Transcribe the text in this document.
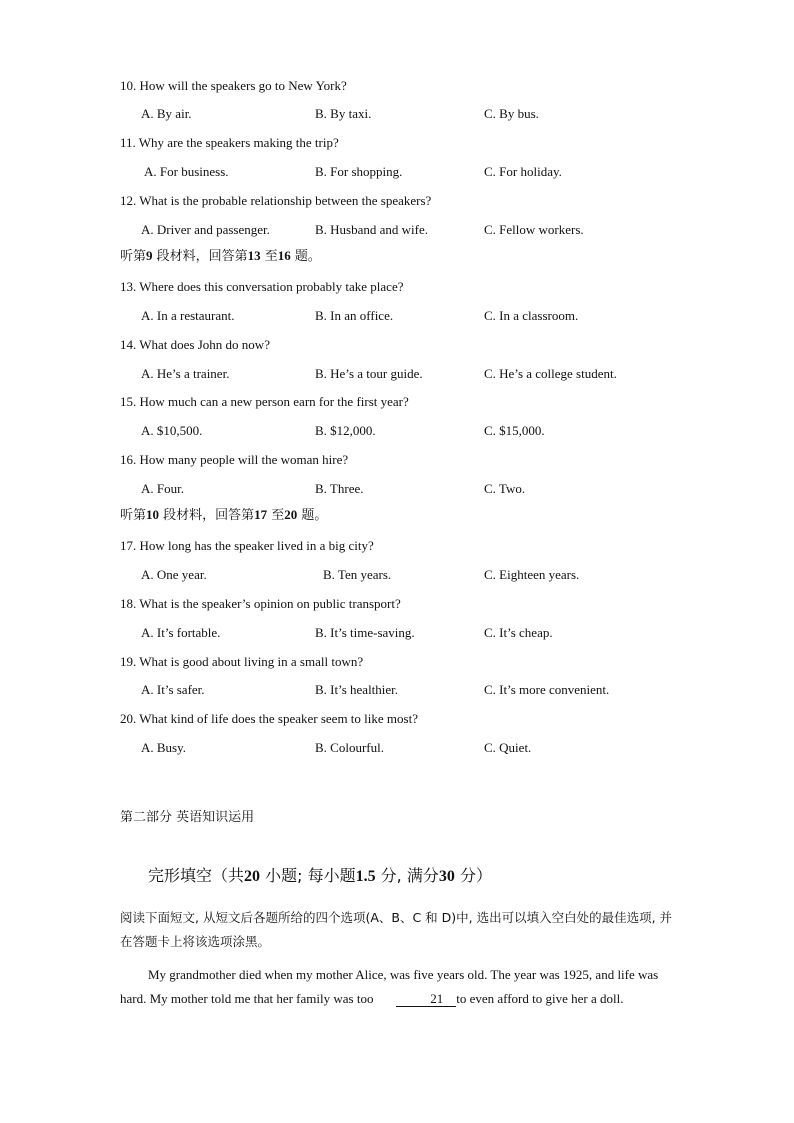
10. How will the speakers go to New York?
A. By air.	B. By taxi.	C. By bus.
11. Why are the speakers making the trip?
A. For business.	B. For shopping.	C. For holiday.
12. What is the probable relationship between the speakers?
A. Driver and passenger.	B. Husband and wife.	C. Fellow workers.
听第9 段材料，回答第13 至16 题。
13. Where does this conversation probably take place?
A. In a restaurant.	B. In an office.	C. In a classroom.
14. What does John do now?
A. He’s a trainer.	B. He’s a tour guide.	C. He’s a college student.
15. How much can a new person earn for the first year?
A. $10,500.	B. $12,000.	C. $15,000.
16. How many people will the woman hire?
A. Four.	B. Three.	C. Two.
听第10 段材料，回答第17 至20 题。
17. How long has the speaker lived in a big city?
A. One year.	B. Ten years.	C. Eighteen years.
18. What is the speaker’s opinion on public transport?
A. It’s fortable.	B. It’s time-saving.	C. It’s cheap.
19. What is good about living in a small town?
A. It’s safer.	B. It’s healthier.	C. It’s more convenient.
20. What kind of life does the speaker seem to like most?
A. Busy.	B. Colourful.	C. Quiet.
第二部分 英语知识运用
完形填空（共20 小题; 每小题1.5 分, 满分30 分）
阅读下面短文, 从短文后各题所给的四个选项(A、B、C 和 D)中, 选出可以填入空白处的最佳选项, 并在答题卡上将该选项涂黑。
My grandmother died when my mother Alice, was five years old. The year was 1925, and life was hard. My mother told me that her family was too	21 to even afford to give her a doll.
